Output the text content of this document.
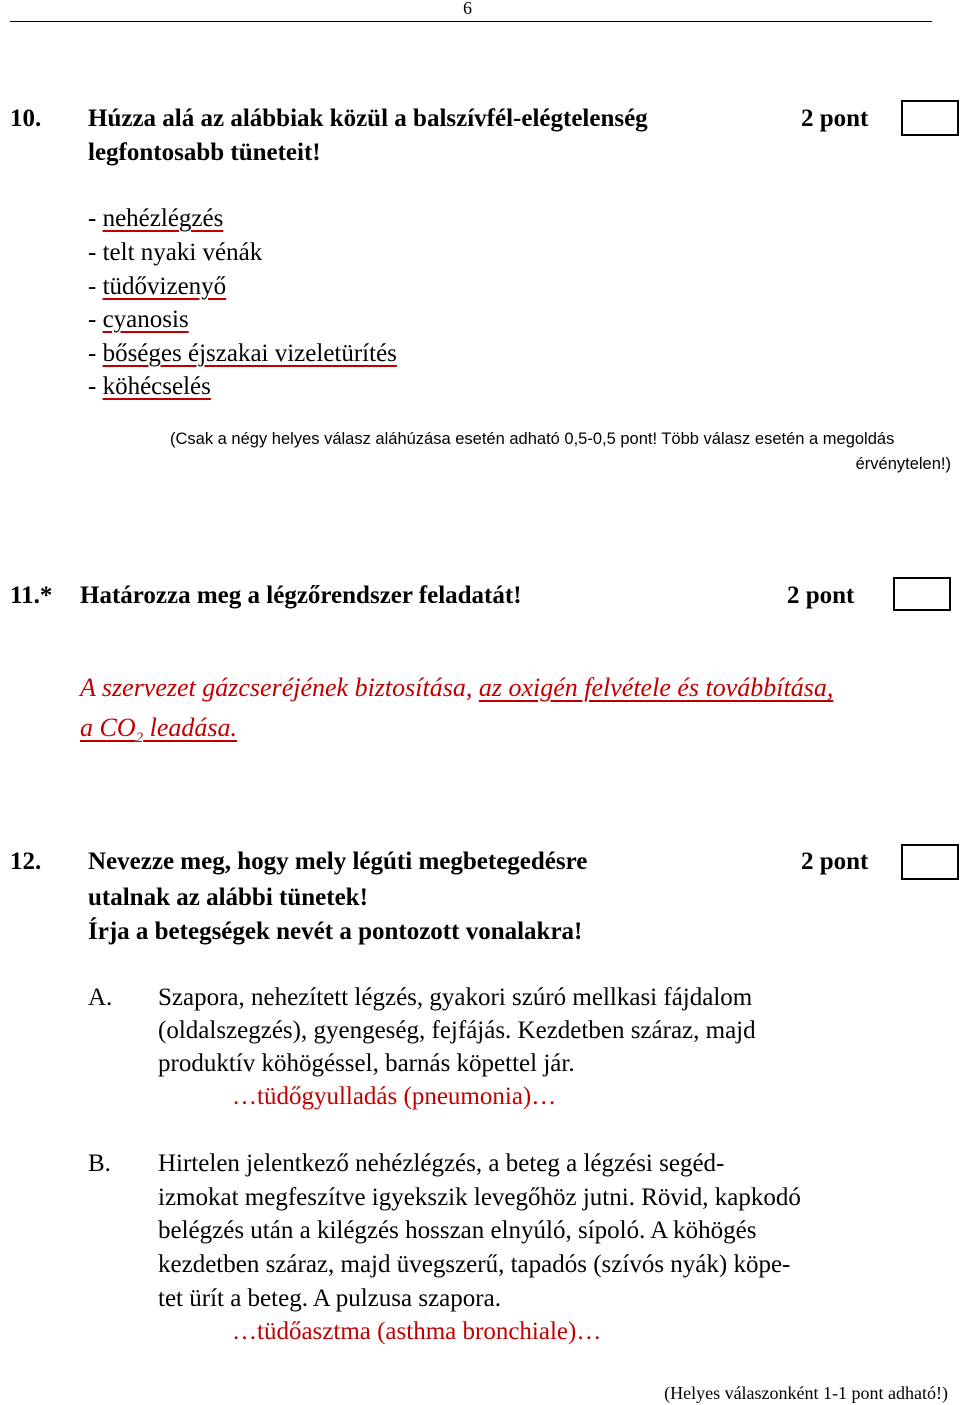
6
10. Húzza alá az alábbiak közül a balszívfél-elégtelenség
legfontosabb tüneteit!
2 pont
- nehézlégzés
- telt nyaki vénák
- tüdővizenyő
- cyanosis
- bőséges éjszakai vizeletürítés
- köhécselés
(Csak a négy helyes válasz aláhúzása esetén adható 0,5-0,5 pont! Több válasz esetén a megoldás
érvénytelen!)
11.* Határozza meg a légzőrendszer feladatát!	2 pont
A szervezet gázcseréjének biztosítása, az oxigén felvétele és továbbítása,
a $CO_2$ leadása.
12. Nevezze meg, hogy mely légúti megbetegedésre
utalnak az alábbi tünetek!
Írja a betegségek nevét a pontozott vonalakra!
2 pont
A. Szapora, nehezített légzés, gyakori szúró mellkasi fájdalom
(oldalszegzés), gyengeség, fejfájás. Kezdetben száraz, majd
produktív köhögéssel, barnás köpettel jár.
…tüdőgyulladás (pneumonia)…
B. Hirtelen jelentkező nehézlégzés, a beteg a légzési segéd-
izmokat megfeszítve igyekszik levegőhöz jutni. Rövid, kapkodó
belégzés után a kilégzés hosszan elnyúló, sípoló. A köhögés
kezdetben száraz, majd üvegszerű, tapadós (szívós nyák) köpe-
tet ürít a beteg. A pulzusa szapora.
…tüdőasztma (asthma bronchiale)…
(Helyes válaszonként 1-1 pont adható!)
